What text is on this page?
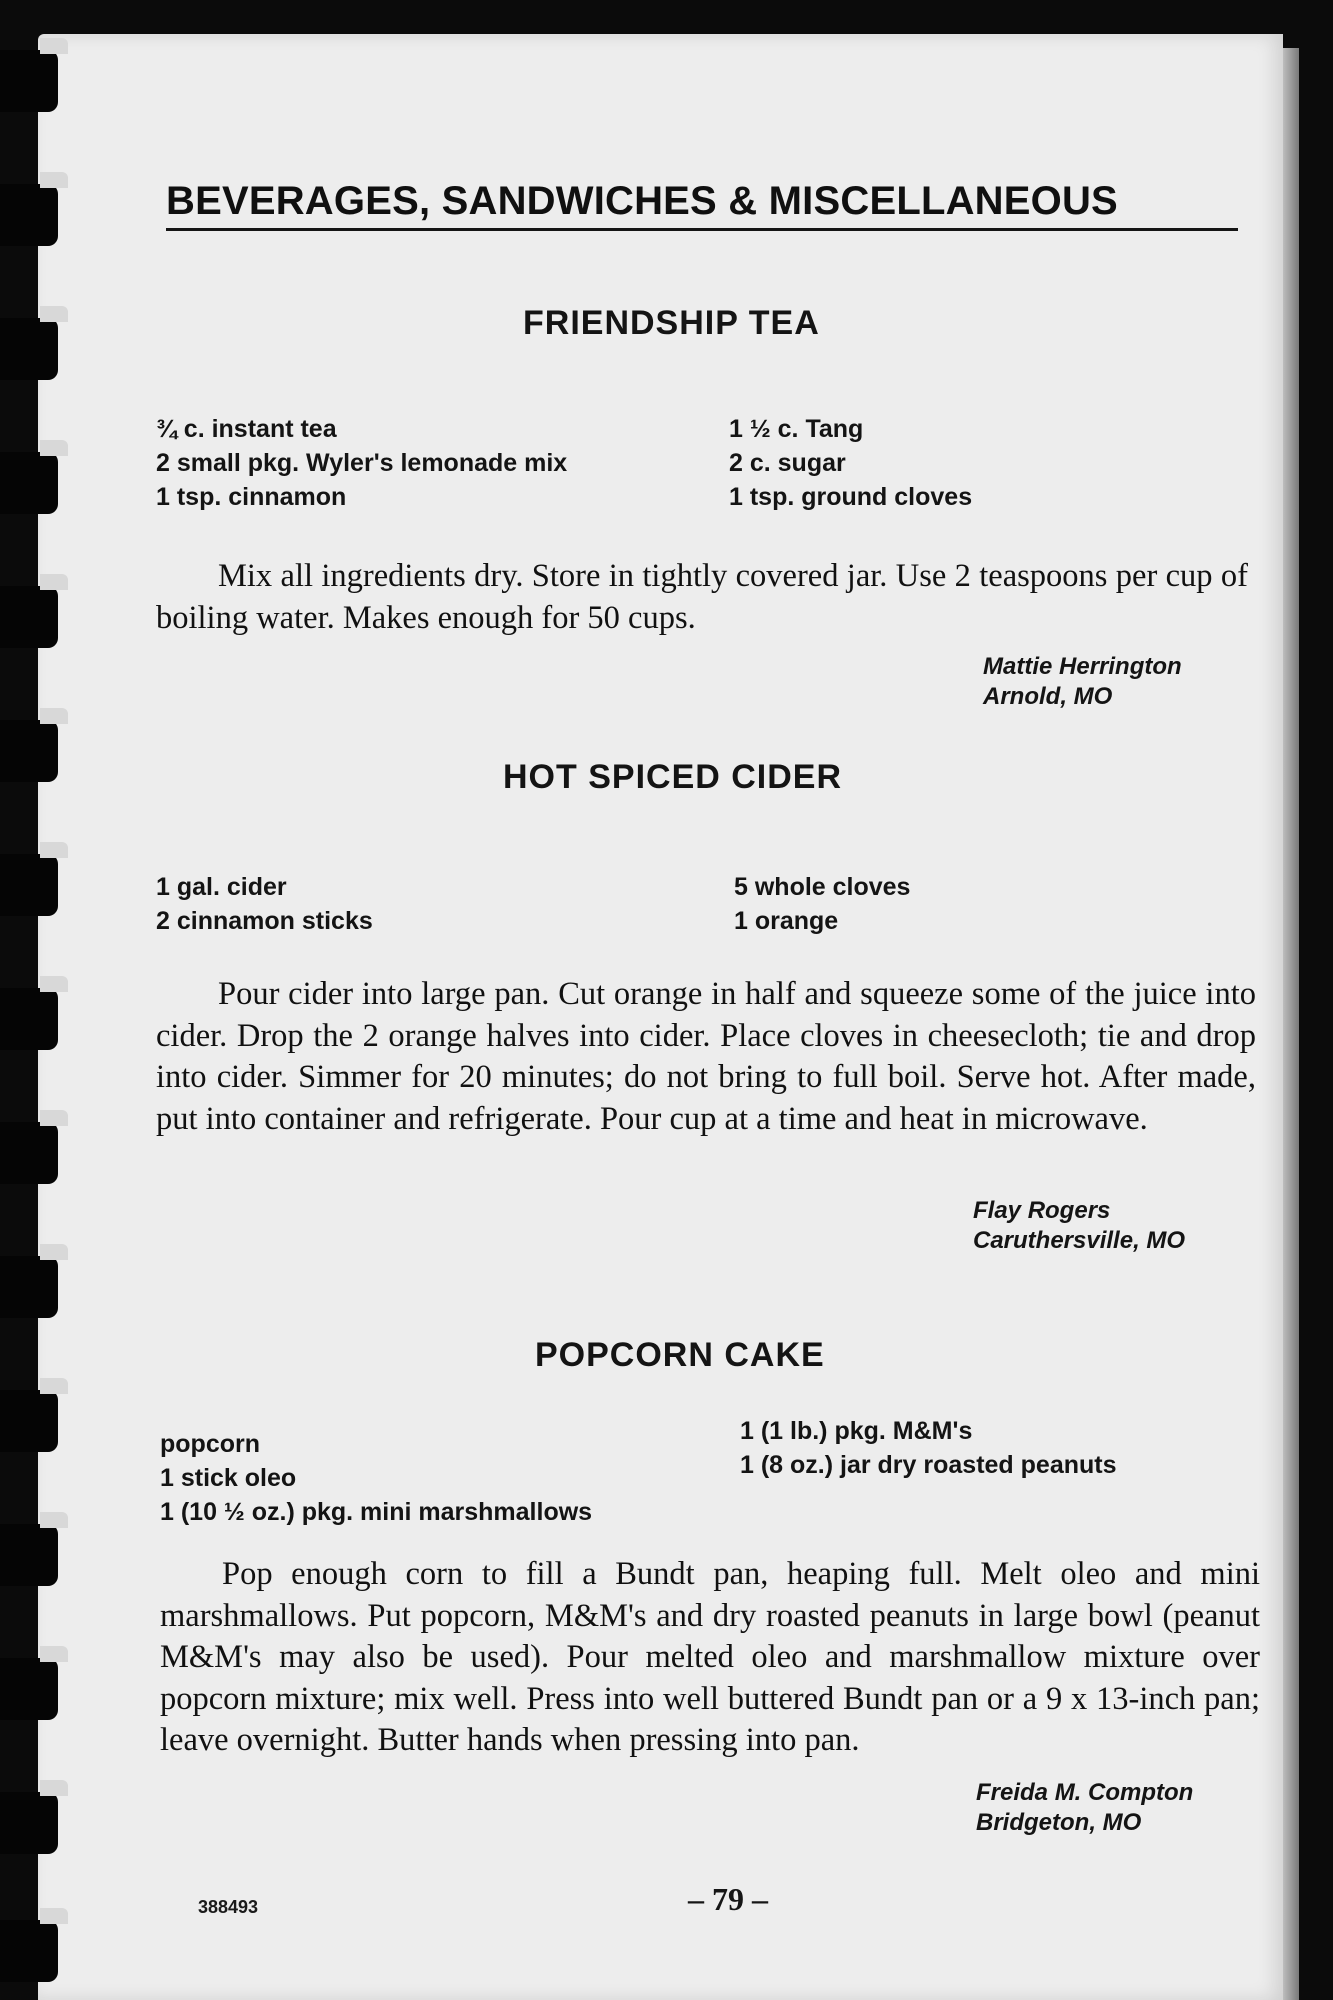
BEVERAGES, SANDWICHES & MISCELLANEOUS
FRIENDSHIP TEA
¾ c. instant tea
2 small pkg. Wyler's lemonade mix
1 tsp. cinnamon
1 ½ c. Tang
2 c. sugar
1 tsp. ground cloves
Mix all ingredients dry. Store in tightly covered jar. Use 2 teaspoons per cup of boiling water. Makes enough for 50 cups.
Mattie Herrington
Arnold, MO
HOT SPICED CIDER
1 gal. cider
2 cinnamon sticks
5 whole cloves
1 orange
Pour cider into large pan. Cut orange in half and squeeze some of the juice into cider. Drop the 2 orange halves into cider. Place cloves in cheesecloth; tie and drop into cider. Simmer for 20 minutes; do not bring to full boil. Serve hot. After made, put into container and refrigerate. Pour cup at a time and heat in microwave.
Flay Rogers
Caruthersville, MO
POPCORN CAKE
popcorn
1 stick oleo
1 (10 ½ oz.) pkg. mini marshmallows
1 (1 lb.) pkg. M&M's
1 (8 oz.) jar dry roasted peanuts
Pop enough corn to fill a Bundt pan, heaping full. Melt oleo and mini marshmallows. Put popcorn, M&M's and dry roasted peanuts in large bowl (peanut M&M's may also be used). Pour melted oleo and marshmallow mixture over popcorn mixture; mix well. Press into well buttered Bundt pan or a 9 x 13-inch pan; leave overnight. Butter hands when pressing into pan.
Freida M. Compton
Bridgeton, MO
388493	– 79 –
